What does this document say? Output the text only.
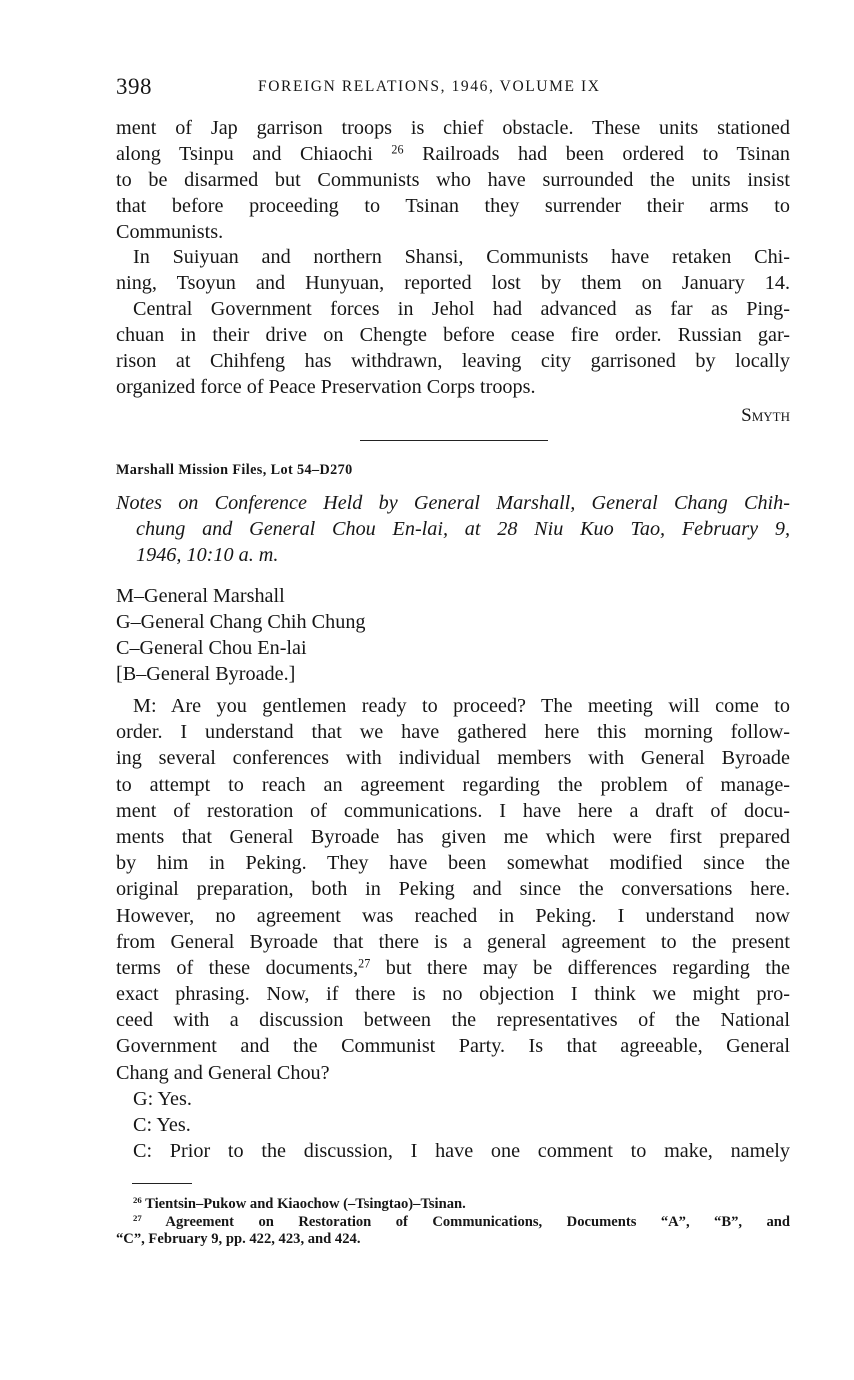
398	FOREIGN RELATIONS, 1946, VOLUME IX
ment of Jap garrison troops is chief obstacle. These units stationed
along Tsinpu and Chiaochi $^{26}$ Railroads had been ordered to Tsinan
to be disarmed but Communists who have surrounded the units insist
that before proceeding to Tsinan they surrender their arms to
Communists.
In Suiyuan and northern Shansi, Communists have retaken Chi-
ning, Tsoyun and Hunyuan, reported lost by them on January 14.
Central Government forces in Jehol had advanced as far as Ping-
chuan in their drive on Chengte before cease fire order. Russian gar-
rison at Chihfeng has withdrawn, leaving city garrisoned by locally
organized force of Peace Preservation Corps troops.
Smyth
Marshall Mission Files, Lot 54–D270
Notes on Conference Held by General Marshall, General Chang Chih-
chung and General Chou En-lai, at 28 Niu Kuo Tao, February 9,
1946, 10:10 a. m.
M–General Marshall
G–General Chang Chih Chung
C–General Chou En-lai
[B–General Byroade.]
M: Are you gentlemen ready to proceed? The meeting will come to
order. I understand that we have gathered here this morning follow-
ing several conferences with individual members with General Byroade
to attempt to reach an agreement regarding the problem of manage-
ment of restoration of communications. I have here a draft of docu-
ments that General Byroade has given me which were first prepared
by him in Peking. They have been somewhat modified since the
original preparation, both in Peking and since the conversations here.
However, no agreement was reached in Peking. I understand now
from General Byroade that there is a general agreement to the present
terms of these documents,$^{27}$ but there may be differences regarding the
exact phrasing. Now, if there is no objection I think we might pro-
ceed with a discussion between the representatives of the National
Government and the Communist Party. Is that agreeable, General
Chang and General Chou?
G: Yes.
C: Yes.
C: Prior to the discussion, I have one comment to make, namely
$^{26}$ Tientsin–Pukow and Kiaochow (–Tsingtao)–Tsinan.
$^{27}$ Agreement on Restoration of Communications, Documents “A”, “B”, and
“C”, February 9, pp. 422, 423, and 424.
